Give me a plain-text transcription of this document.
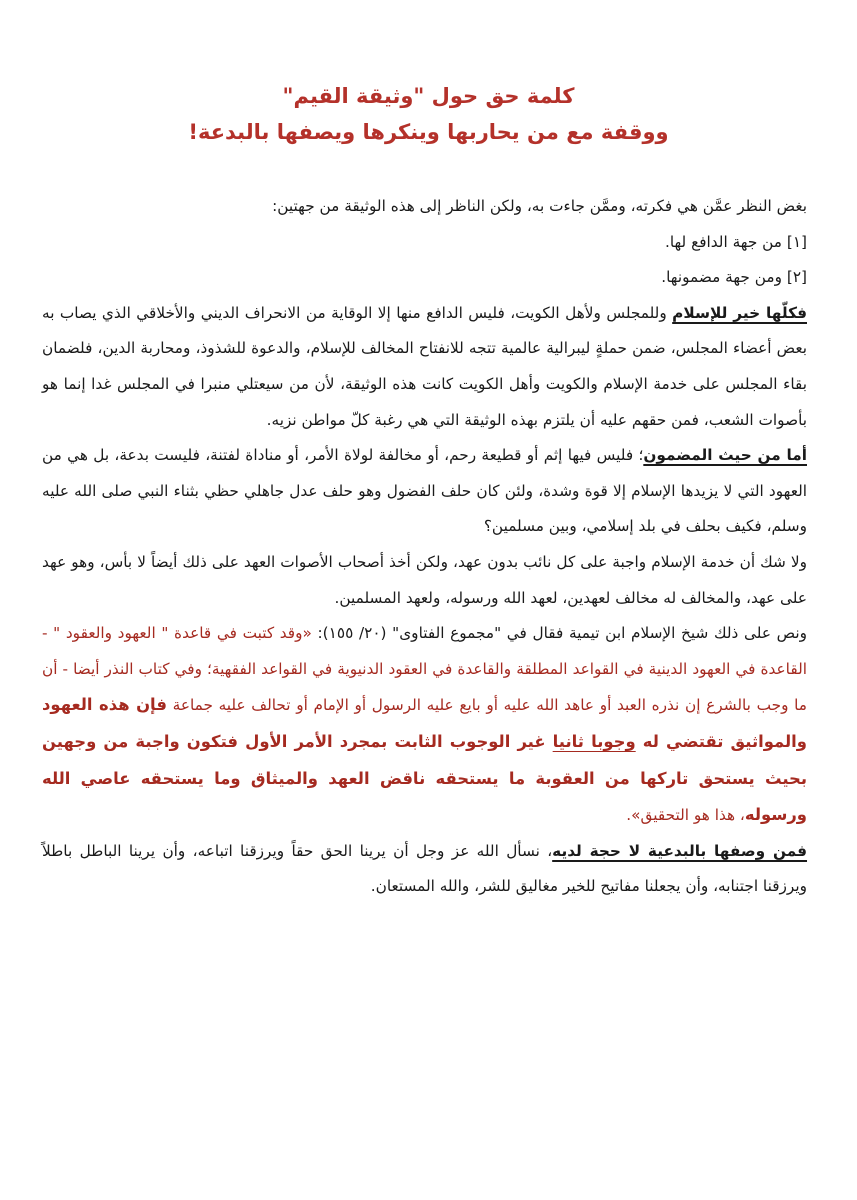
كلمة حق حول "وثيقة القيم"
ووقفة مع من يحاربها وينكرها ويصفها بالبدعة!

بغض النظر عمَّن هي فكرته، وممَّن جاءت به، ولكن الناظر إلى هذه الوثيقة من جهتين:

[١] من جهة الدافع لها.

[٢] ومن جهة مضمونها.

فكلّها خير للإسلام وللمجلس ولأهل الكويت، فليس الدافع منها إلا الوقاية من الانحراف الديني والأخلاقي الذي يصاب به بعض أعضاء المجلس، ضمن حملةٍ ليبرالية عالمية تتجه للانفتاح المخالف للإسلام، والدعوة للشذوذ، ومحاربة الدين، فلضمان بقاء المجلس على خدمة الإسلام والكويت وأهل الكويت كانت هذه الوثيقة، لأن من سيعتلي منبرا في المجلس غدا إنما هو بأصوات الشعب، فمن حقهم عليه أن يلتزم بهذه الوثيقة التي هي رغبة كلّ مواطن نزيه.

أما من حيث المضمون؛ فليس فيها إثم أو قطيعة رحم، أو مخالفة لولاة الأمر، أو مناداة لفتنة، فليست بدعة، بل هي من العهود التي لا يزيدها الإسلام إلا قوة وشدة، ولئن كان حلف الفضول وهو حلف عدل جاهلي حظي بثناء النبي صلى الله عليه وسلم، فكيف بحلف في بلد إسلامي، وبين مسلمين؟

ولا شك أن خدمة الإسلام واجبة على كل نائب بدون عهد، ولكن أخذ أصحاب الأصوات العهد على ذلك أيضاً لا بأس، وهو عهد على عهد، والمخالف له مخالف لعهدين، لعهد الله ورسوله، ولعهد المسلمين.

ونص على ذلك شيخ الإسلام ابن تيمية فقال في "مجموع الفتاوى" (٢٠/ ١٥٥): «وقد كتبت في قاعدة " العهود والعقود " - القاعدة في العهود الدينية في القواعد المطلقة والقاعدة في العقود الدنيوية في القواعد الفقهية؛ وفي كتاب النذر أيضا - أن ما وجب بالشرع إن نذره العبد أو عاهد الله عليه أو بايع عليه الرسول أو الإمام أو تحالف عليه جماعة فإن هذه العهود والمواثيق تقتضي له وجوبا ثانيا غير الوجوب الثابت بمجرد الأمر الأول فتكون واجبة من وجهين بحيث يستحق تاركها من العقوبة ما يستحقه ناقض العهد والميثاق وما يستحقه عاصي الله ورسوله، هذا هو التحقيق».

فمن وصفها بالبدعية لا حجة لديه، نسأل الله عز وجل أن يرينا الحق حقاً ويرزقنا اتباعه، وأن يرينا الباطل باطلاً ويرزقنا اجتنابه، وأن يجعلنا مفاتيح للخير مغاليق للشر، والله المستعان.
